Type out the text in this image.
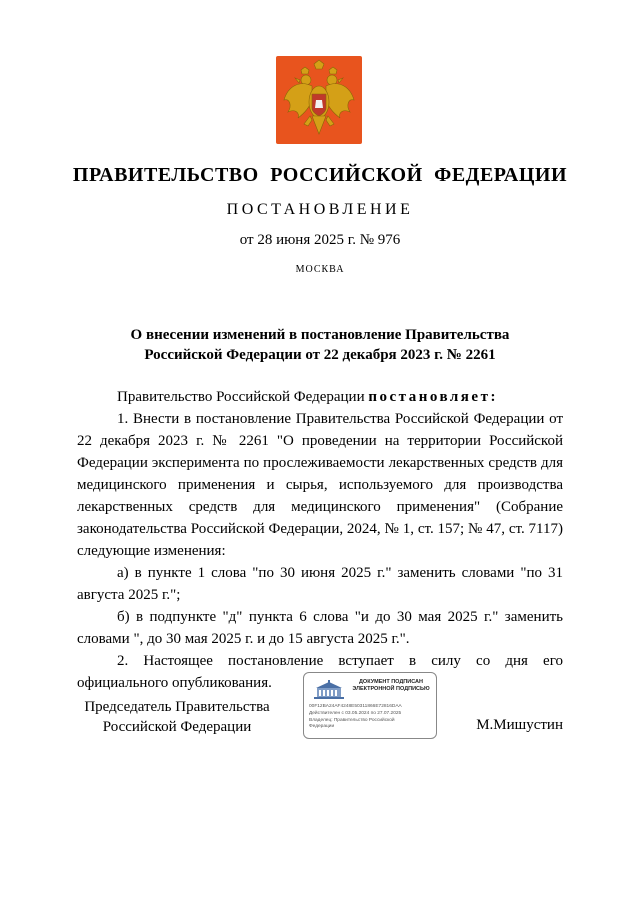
ПРАВИТЕЛЬСТВО РОССИЙСКОЙ ФЕДЕРАЦИИ
ПОСТАНОВЛЕНИЕ
от 28 июня 2025 г. № 976
МОСКВА
О внесении изменений в постановление Правительства
Российской Федерации от 22 декабря 2023 г. № 2261

Правительство Российской Федерации постановляет:

1. Внести в постановление Правительства Российской Федерации от 22 декабря 2023 г. № 2261 "О проведении на территории Российской Федерации эксперимента по прослеживаемости лекарственных средств для медицинского применения и сырья, используемого для производства лекарственных средств для медицинского применения" (Собрание законодательства Российской Федерации, 2024, № 1, ст. 157; № 47, ст. 7117) следующие изменения:

а) в пункте 1 слова "по 30 июня 2025 г." заменить словами "по 31 августа 2025 г.";

б) в подпункте "д" пункта 6 слова "и до 30 мая 2025 г." заменить словами ", до 30 мая 2025 г. и до 15 августа 2025 г.".

2. Настоящее постановление вступает в силу со дня его официального опубликования.

Председатель Правительства
Российской Федерации
ДОКУМЕНТ ПОДПИСАН
ЭЛЕКТРОННОЙ ПОДПИСЬЮ
00F12BA24AF4248E50311866E72816DAA
Действителен с 03.05.2024 по 27.07.2025
Владелец: Правительство Российской
Федерации	М.Мишустин
